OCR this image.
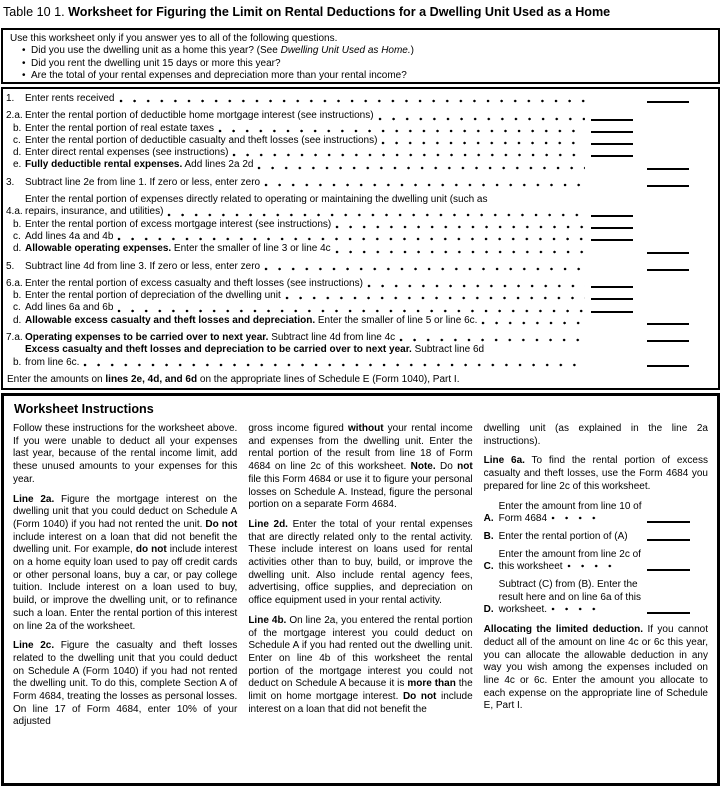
Table 10 1. Worksheet for Figuring the Limit on Rental Deductions for a Dwelling Unit Used as a Home
Use this worksheet only if you answer yes to all of the following questions.
• Did you use the dwelling unit as a home this year? (See Dwelling Unit Used as Home.)
• Did you rent the dwelling unit 15 days or more this year?
• Are the total of your rental expenses and depreciation more than your rental income?
1.	Enter rents received
2.a. Enter the rental portion of deductible home mortgage interest (see instructions)
b. Enter the rental portion of real estate taxes
c. Enter the rental portion of deductible casualty and theft losses (see instructions)
d. Enter direct rental expenses (see instructions)
e. Fully deductible rental expenses. Add lines 2a 2d
3.	Subtract line 2e from line 1. If zero or less, enter zero
4.a.
Enter the rental portion of expenses directly related to operating or maintaining the dwelling unit (such as
repairs, insurance, and utilities)
b. Enter the rental portion of excess mortgage interest (see instructions)
c. Add lines 4a and 4b
d. Allowable operating expenses. Enter the smaller of line 3 or line 4c
5.	Subtract line 4d from line 3. If zero or less, enter zero
6.a. Enter the rental portion of excess casualty and theft losses (see instructions)
b. Enter the rental portion of depreciation of the dwelling unit
c. Add lines 6a and 6b
d. Allowable excess casualty and theft losses and depreciation. Enter the smaller of line 5 or line 6c.
7.a. Operating expenses to be carried over to next year. Subtract line 4d from line 4c
b.
Excess casualty and theft losses and depreciation to be carried over to next year. Subtract line 6d
from line 6c.
Enter the amounts on lines 2e, 4d, and 6d on the appropriate lines of Schedule E (Form 1040), Part I.
Worksheet Instructions
Follow these instructions for the worksheet above. If you were unable to deduct all your expenses last year, because of the rental income limit, add these unused amounts to your expenses for this year.
Line 2a. Figure the mortgage interest on the dwelling unit that you could deduct on Schedule A (Form 1040) if you had not rented the unit. Do not include interest on a loan that did not benefit the dwelling unit. For example, do not include interest on a home equity loan used to pay off credit cards or other personal loans, buy a car, or pay college tuition. Include interest on a loan used to buy, build, or improve the dwelling unit, or to refinance such a loan. Enter the rental portion of this interest on line 2a of the worksheet.
Line 2c. Figure the casualty and theft losses related to the dwelling unit that you could deduct on Schedule A (Form 1040) if you had not rented the dwelling unit. To do this, complete Section A of Form 4684, treating the losses as personal losses. On line 17 of Form 4684, enter 10% of your adjusted
gross income figured without your rental income and expenses from the dwelling unit. Enter the rental portion of the result from line 18 of Form 4684 on line 2c of this worksheet. Note. Do not file this Form 4684 or use it to figure your personal losses on Schedule A. Instead, figure the personal portion on a separate Form 4684.
Line 2d. Enter the total of your rental expenses that are directly related only to the rental activity. These include interest on loans used for rental activities other than to buy, build, or improve the dwelling unit. Also include rental agency fees, advertising, office supplies, and depreciation on office equipment used in your rental activity.
Line 4b. On line 2a, you entered the rental portion of the mortgage interest you could deduct on Schedule A if you had rented out the dwelling unit. Enter on line 4b of this worksheet the rental portion of the mortgage interest you could not deduct on Schedule A because it is more than the limit on home mortgage interest. Do not include interest on a loan that did not benefit the
dwelling unit (as explained in the line 2a instructions).
Line 6a. To find the rental portion of excess casualty and theft losses, use the Form 4684 you prepared for line 2c of this worksheet.
A.
Enter the amount from line 10 of Form 4684
B. Enter the rental portion of (A)
C.
Enter the amount from line 2c of this worksheet
D.
Subtract (C) from (B). Enter the result here and on line 6a of this worksheet.
Allocating the limited deduction. If you cannot deduct all of the amount on line 4c or 6c this year, you can allocate the allowable deduction in any way you wish among the expenses included on line 4c or 6c. Enter the amount you allocate to each expense on the appropriate line of Schedule E, Part I.
